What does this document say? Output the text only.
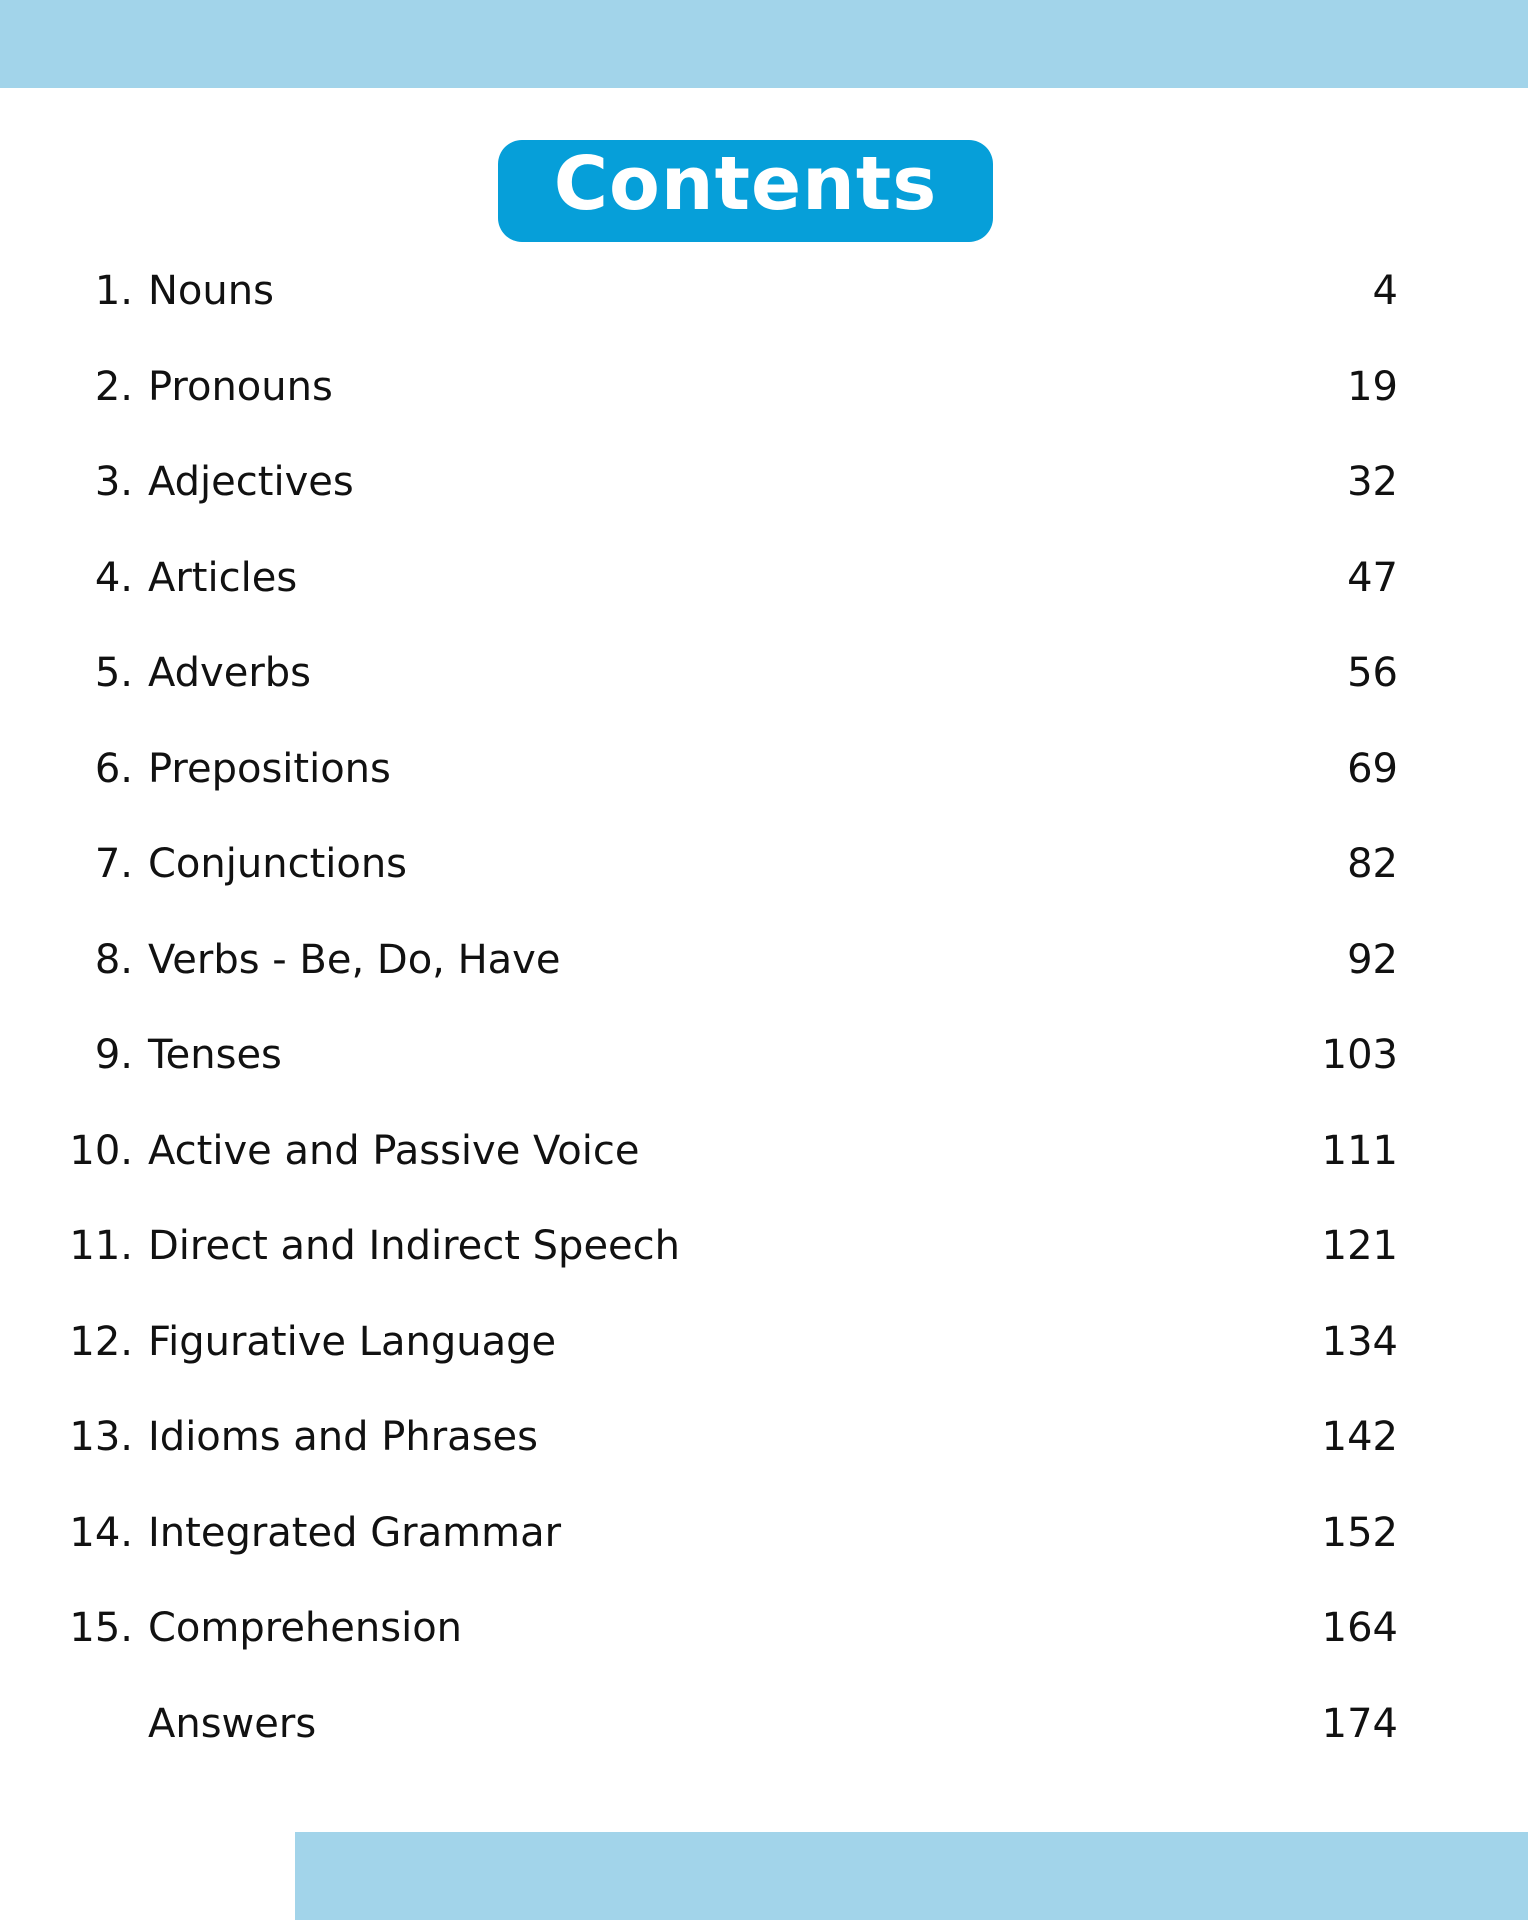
Contents
1. Nouns	4
2. Pronouns	19
3. Adjectives	32
4. Articles	47
5. Adverbs	56
6. Prepositions	69
7. Conjunctions	82
8. Verbs - Be, Do, Have	92
9. Tenses	103
10. Active and Passive Voice	111
11. Direct and Indirect Speech	121
12. Figurative Language	134
13. Idioms and Phrases	142
14. Integrated Grammar	152
15. Comprehension	164
Answers	174
